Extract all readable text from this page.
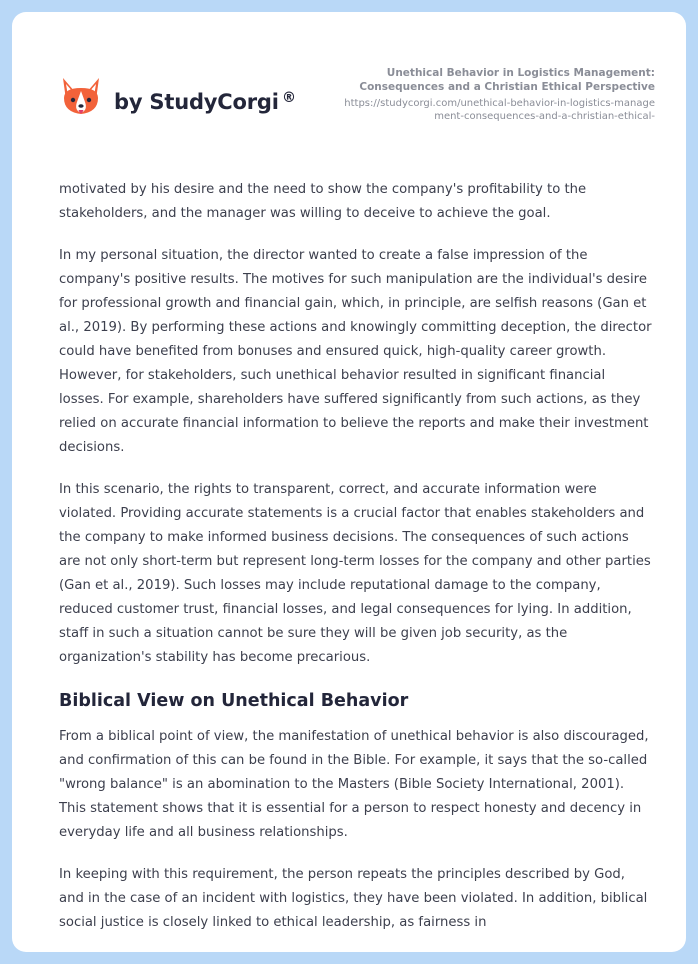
by StudyCorgi ®

Unethical Behavior in Logistics Management: Consequences and a Christian Ethical Perspective

https://studycorgi.com/unethical-behavior-in-logistics-management-consequences-and-a-christian-ethical-

motivated by his desire and the need to show the company's profitability to the stakeholders, and the manager was willing to deceive to achieve the goal.

In my personal situation, the director wanted to create a false impression of the company's positive results. The motives for such manipulation are the individual's desire for professional growth and financial gain, which, in principle, are selfish reasons (Gan et al., 2019). By performing these actions and knowingly committing deception, the director could have benefited from bonuses and ensured quick, high-quality career growth. However, for stakeholders, such unethical behavior resulted in significant financial losses. For example, shareholders have suffered significantly from such actions, as they relied on accurate financial information to believe the reports and make their investment decisions.

In this scenario, the rights to transparent, correct, and accurate information were violated. Providing accurate statements is a crucial factor that enables stakeholders and the company to make informed business decisions. The consequences of such actions are not only short-term but represent long-term losses for the company and other parties (Gan et al., 2019). Such losses may include reputational damage to the company, reduced customer trust, financial losses, and legal consequences for lying. In addition, staff in such a situation cannot be sure they will be given job security, as the organization's stability has become precarious.

Biblical View on Unethical Behavior

From a biblical point of view, the manifestation of unethical behavior is also discouraged, and confirmation of this can be found in the Bible. For example, it says that the so-called "wrong balance" is an abomination to the Masters (Bible Society International, 2001). This statement shows that it is essential for a person to respect honesty and decency in everyday life and all business relationships.

In keeping with this requirement, the person repeats the principles described by God, and in the case of an incident with logistics, they have been violated. In addition, biblical social justice is closely linked to ethical leadership, as fairness in
